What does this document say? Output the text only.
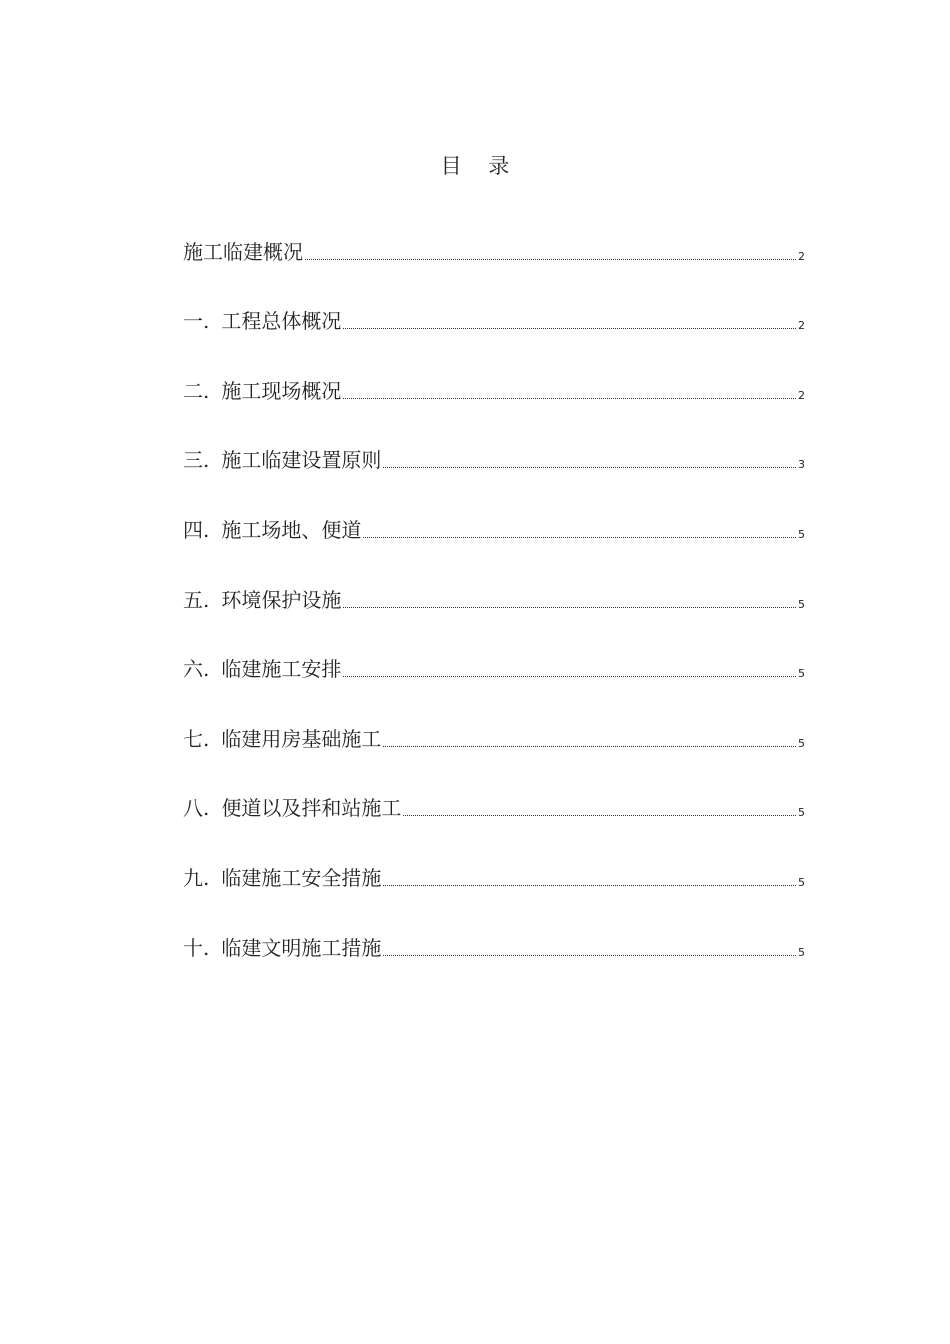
目    录
施工临建概况	2
一. 工程总体概况	2
二. 施工现场概况	2
三. 施工临建设置原则	3
四. 施工场地、便道	5
五. 环境保护设施	5
六. 临建施工安排	5
七. 临建用房基础施工	5
八. 便道以及拌和站施工	5
九. 临建施工安全措施	5
十. 临建文明施工措施	5
